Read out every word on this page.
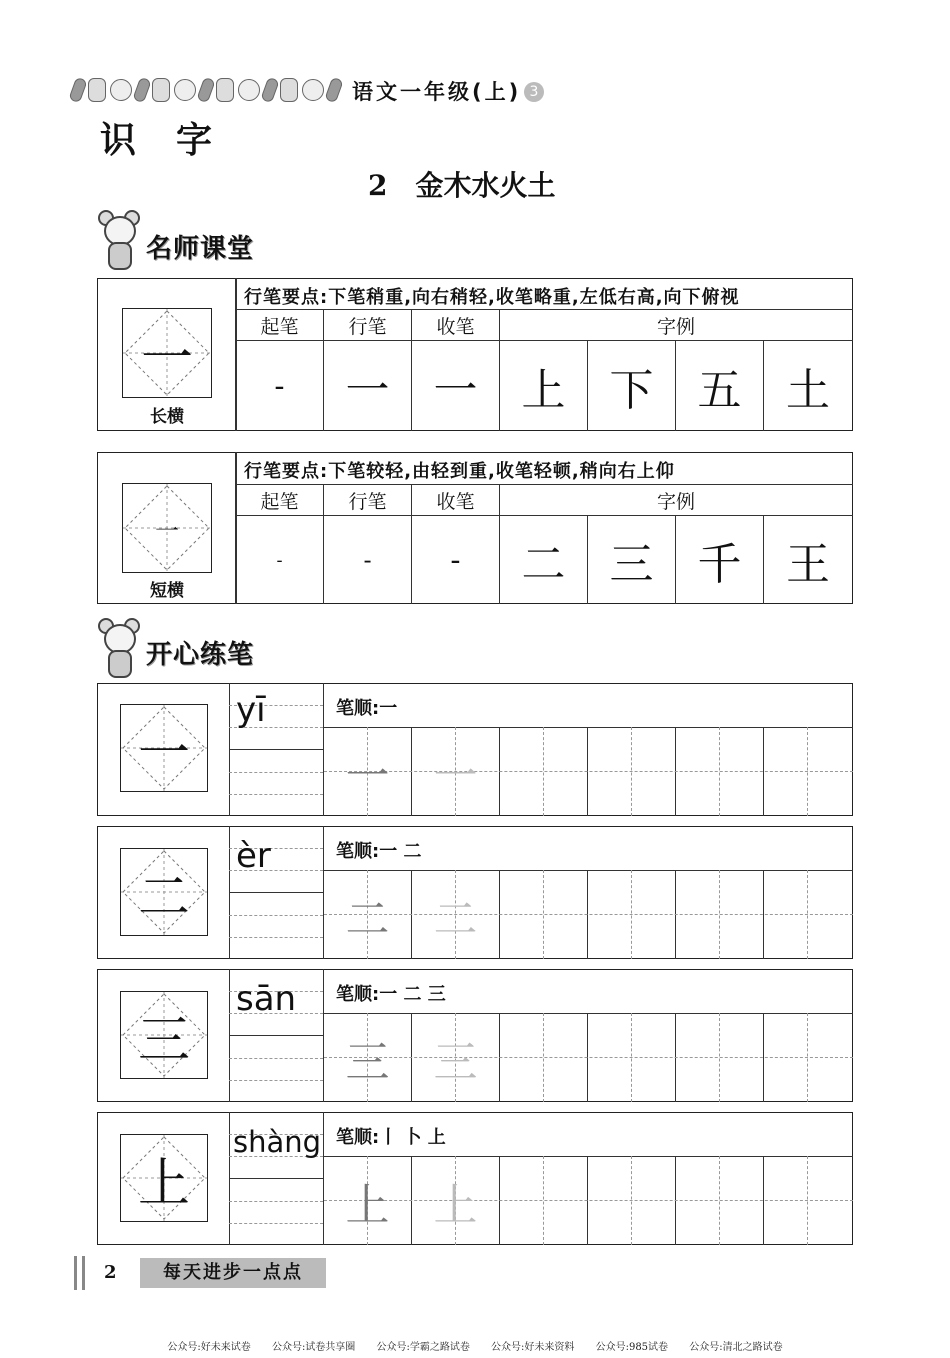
语文一年级(上) 3
识字
2 金木水火土
名师课堂
一
长横
行笔要点:下笔稍重,向右稍轻,收笔略重,左低右高,向下俯视
起笔	行笔	收笔	字例
-	一	一	上	下	五	土
一
短横
行笔要点:下笔较轻,由轻到重,收笔轻顿,稍向右上仰
起笔	行笔	收笔	字例
-	-	-	二	三	千	王
开心练笔
一
yī	笔顺:一
一	一
二
èr	笔顺:一 二
二	二
三
sān	笔顺:一 二 三
三	三
上
shàng 笔顺:丨 卜 上
上	上
2	每天进步一点点
公众号:好未来试卷 公众号:试卷共享圈 公众号:学霸之路试卷 公众号:好未来资料 公众号:985试卷 公众号:清北之路试卷
